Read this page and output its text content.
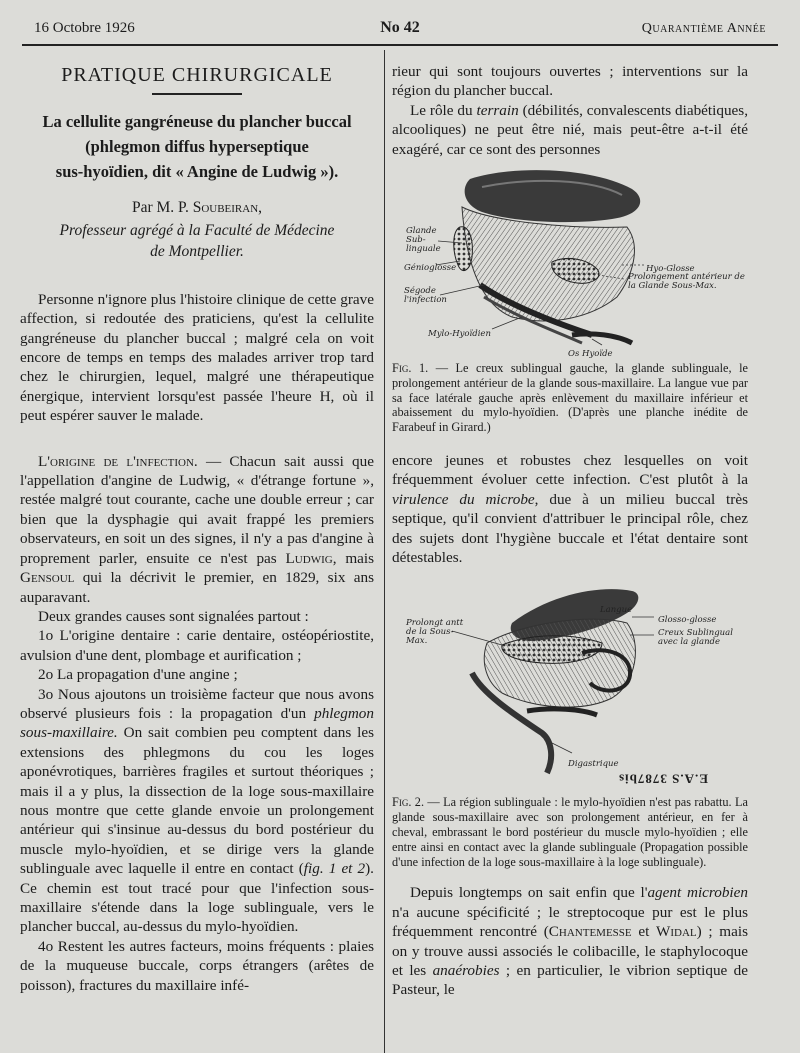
16 Octobre 1926	No 42	Quarantième Année
PRATIQUE CHIRURGICALE
La cellulite gangréneuse du plancher buccal
(phlegmon diffus hyperseptique
sus-hyoïdien, dit « Angine de Ludwig »).
Par M. P. Soubeiran,
Professeur agrégé à la Faculté de Médecine
de Montpellier.

Personne n'ignore plus l'histoire clinique de cette grave affection, si redoutée des praticiens, qu'est la cellulite gangréneuse du plancher buccal ; malgré cela on voit encore de temps en temps des malades arriver trop tard chez le chirurgien, lequel, malgré une thérapeutique énergique, intervient lorsqu'est passée l'heure H, où il peut espérer sauver le malade.

L'origine de l'infection. — Chacun sait aussi que l'appellation d'angine de Ludwig, « d'étrange fortune », restée malgré tout courante, cache une double erreur ; car bien que la dysphagie qui avait frappé les premiers observateurs, en soit un des signes, il n'y a pas d'angine à proprement parler, ensuite ce n'est pas Ludwig, mais Gensoul qui la décrivit le premier, en 1829, six ans auparavant.

Deux grandes causes sont signalées partout :

1o L'origine dentaire : carie dentaire, ostéopériostite, avulsion d'une dent, plombage et aurification ;

2o La propagation d'une angine ;

3o Nous ajoutons un troisième facteur que nous avons observé plusieurs fois : la propagation d'un phlegmon sous-maxillaire. On sait combien peu comptent dans les extensions des phlegmons du cou les loges aponévrotiques, barrières fragiles et surtout théoriques ; mais il a y plus, la dissection de la loge sous-maxillaire nous montre que cette glande envoie un prolongement antérieur qui s'insinue au-dessus du bord postérieur du muscle mylo-hyoïdien, et se dirige vers la glande sublinguale avec laquelle il entre en contact (fig. 1 et 2). Ce chemin est tout tracé pour que l'infection sous-maxillaire s'étende dans la loge sublinguale, vers le plancher buccal, au-dessus du mylo-hyoïdien.

4o Restent les autres facteurs, moins fréquents : plaies de la muqueuse buccale, corps étrangers (arêtes de poisson), fractures du maxillaire infé-

rieur qui sont toujours ouvertes ; interventions sur la région du plancher buccal.

Le rôle du terrain (débilités, convalescents diabétiques, alcooliques) ne peut être nié, mais peut-être a-t-il été exagéré, car ce sont des personnes

Glande Sub-linguale
Génioglosse
Ségode l'infection
Mylo-Hyoïdien
Hyo-Glosse
Prolongement antérieur de la Glande Sous-Max.
Os Hyoïde
Fig. 1. — Le creux sublingual gauche, la glande sublinguale, le prolongement antérieur de la glande sous-maxillaire. La langue vue par sa face latérale gauche après enlèvement du maxillaire inférieur et abaissement du mylo-hyoïdien. (D'après une planche inédite de Farabeuf in Girard.)

encore jeunes et robustes chez lesquelles on voit fréquemment évoluer cette infection. C'est plutôt à la virulence du microbe, due à un milieu buccal très septique, qu'il convient d'attribuer le principal rôle, chez des sujets dont l'hygiène buccale et l'état dentaire sont détestables.

Langue
Prolongt antt de la Sous-Max.
Glosso-glosse
Creux Sublingual avec la glande
Digastrique
E.A.S 3787bis
Fig. 2. — La région sublinguale : le mylo-hyoïdien n'est pas rabattu. La glande sous-maxillaire avec son prolongement antérieur, en fer à cheval, embrassant le bord postérieur du muscle mylo-hyoïdien ; elle entre ainsi en contact avec la glande sublinguale (Propagation possible d'une infection de la loge sous-maxillaire à la loge sublinguale).

Depuis longtemps on sait enfin que l'agent microbien n'a aucune spécificité ; le streptocoque pur est le plus fréquemment rencontré (Chantemesse et Widal) ; mais on y trouve aussi associés le colibacille, le staphylocoque et les anaérobies ; en particulier, le vibrion septique de Pasteur, le
